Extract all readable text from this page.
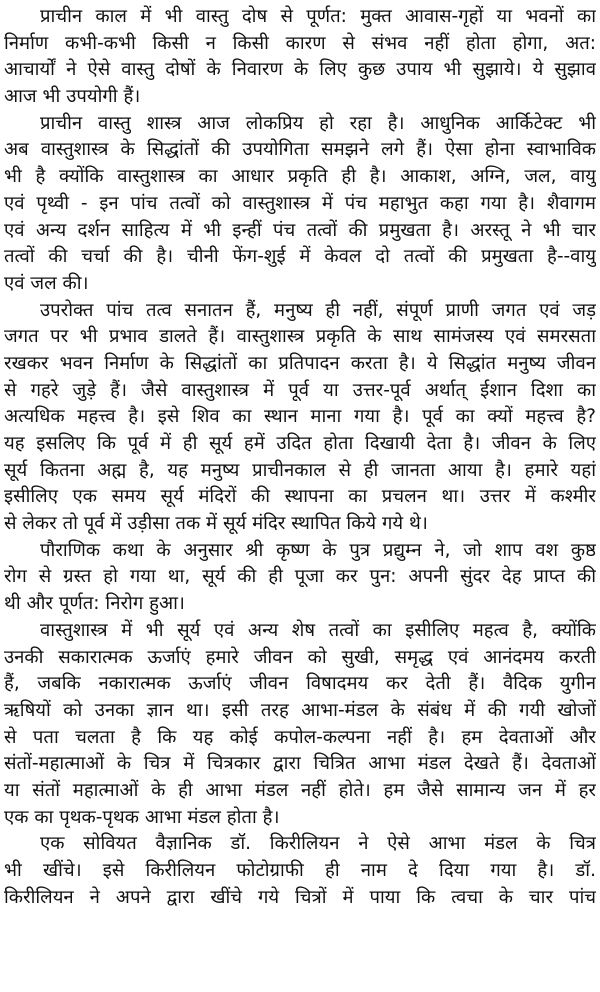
प्राचीन काल में भी वास्तु दोष से पूर्णत: मुक्त आवास-गृहों या भवनों का
निर्माण कभी-कभी किसी न किसी कारण से संभव नहीं होता होगा, अत:
आचार्यों ने ऐसे वास्तु दोषों के निवारण के लिए कुछ उपाय भी सुझाये। ये सुझाव
आज भी उपयोगी हैं।
प्राचीन वास्तु शास्त्र आज लोकप्रिय हो रहा है। आधुनिक आर्किटेक्ट भी
अब वास्तुशास्त्र के सिद्धांतों की उपयोगिता समझने लगे हैं। ऐसा होना स्वाभाविक
भी है क्योंकि वास्तुशास्त्र का आधार प्रकृति ही है। आकाश, अग्नि, जल, वायु
एवं पृथ्वी - इन पांच तत्वों को वास्तुशास्त्र में पंच महाभुत कहा गया है। शैवागम
एवं अन्य दर्शन साहित्य में भी इन्हीं पंच तत्वों की प्रमुखता है। अरस्तू ने भी चार
तत्वों की चर्चा की है। चीनी फेंग-शुई में केवल दो तत्वों की प्रमुखता है--वायु
एवं जल की।
उपरोक्त पांच तत्व सनातन हैं, मनुष्य ही नहीं, संपूर्ण प्राणी जगत एवं जड़
जगत पर भी प्रभाव डालते हैं। वास्तुशास्त्र प्रकृति के साथ सामंजस्य एवं समरसता
रखकर भवन निर्माण के सिद्धांतों का प्रतिपादन करता है। ये सिद्धांत मनुष्य जीवन
से गहरे जुड़े हैं। जैसे वास्तुशास्त्र में पूर्व या उत्तर-पूर्व अर्थात् ईशान दिशा का
अत्यधिक महत्त्व है। इसे शिव का स्थान माना गया है। पूर्व का क्यों महत्त्व है?
यह इसलिए कि पूर्व में ही सूर्य हमें उदित होता दिखायी देता है। जीवन के लिए
सूर्य कितना अह्म है, यह मनुष्य प्राचीनकाल से ही जानता आया है। हमारे यहां
इसीलिए एक समय सूर्य मंदिरों की स्थापना का प्रचलन था। उत्तर में कश्मीर
से लेकर तो पूर्व में उड़ीसा तक में सूर्य मंदिर स्थापित किये गये थे।
पौराणिक कथा के अनुसार श्री कृष्ण के पुत्र प्रद्युम्न ने, जो शाप वश कुष्ठ
रोग से ग्रस्त हो गया था, सूर्य की ही पूजा कर पुन: अपनी सुंदर देह प्राप्त की
थी और पूर्णत: निरोग हुआ।
वास्तुशास्त्र में भी सूर्य एवं अन्य शेष तत्वों का इसीलिए महत्व है, क्योंकि
उनकी सकारात्मक ऊर्जाएं हमारे जीवन को सुखी, समृद्ध एवं आनंदमय करती
हैं, जबकि नकारात्मक ऊर्जाएं जीवन विषादमय कर देती हैं। वैदिक युगीन
ऋषियों को उनका ज्ञान था। इसी तरह आभा-मंडल के संबंध में की गयी खोजों
से पता चलता है कि यह कोई कपोल-कल्पना नहीं है। हम देवताओं और
संतों-महात्माओं के चित्र में चित्रकार द्वारा चित्रित आभा मंडल देखते हैं। देवताओं
या संतों महात्माओं के ही आभा मंडल नहीं होते। हम जैसे सामान्य जन में हर
एक का पृथक-पृथक आभा मंडल होता है।
एक सोवियत वैज्ञानिक डॉ. किरीलियन ने ऐसे आभा मंडल के चित्र
भी खींचे। इसे किरीलियन फोटोग्राफी ही नाम दे दिया गया है। डॉ.
किरीलियन ने अपने द्वारा खींचे गये चित्रों में पाया कि त्वचा के चार पांच
